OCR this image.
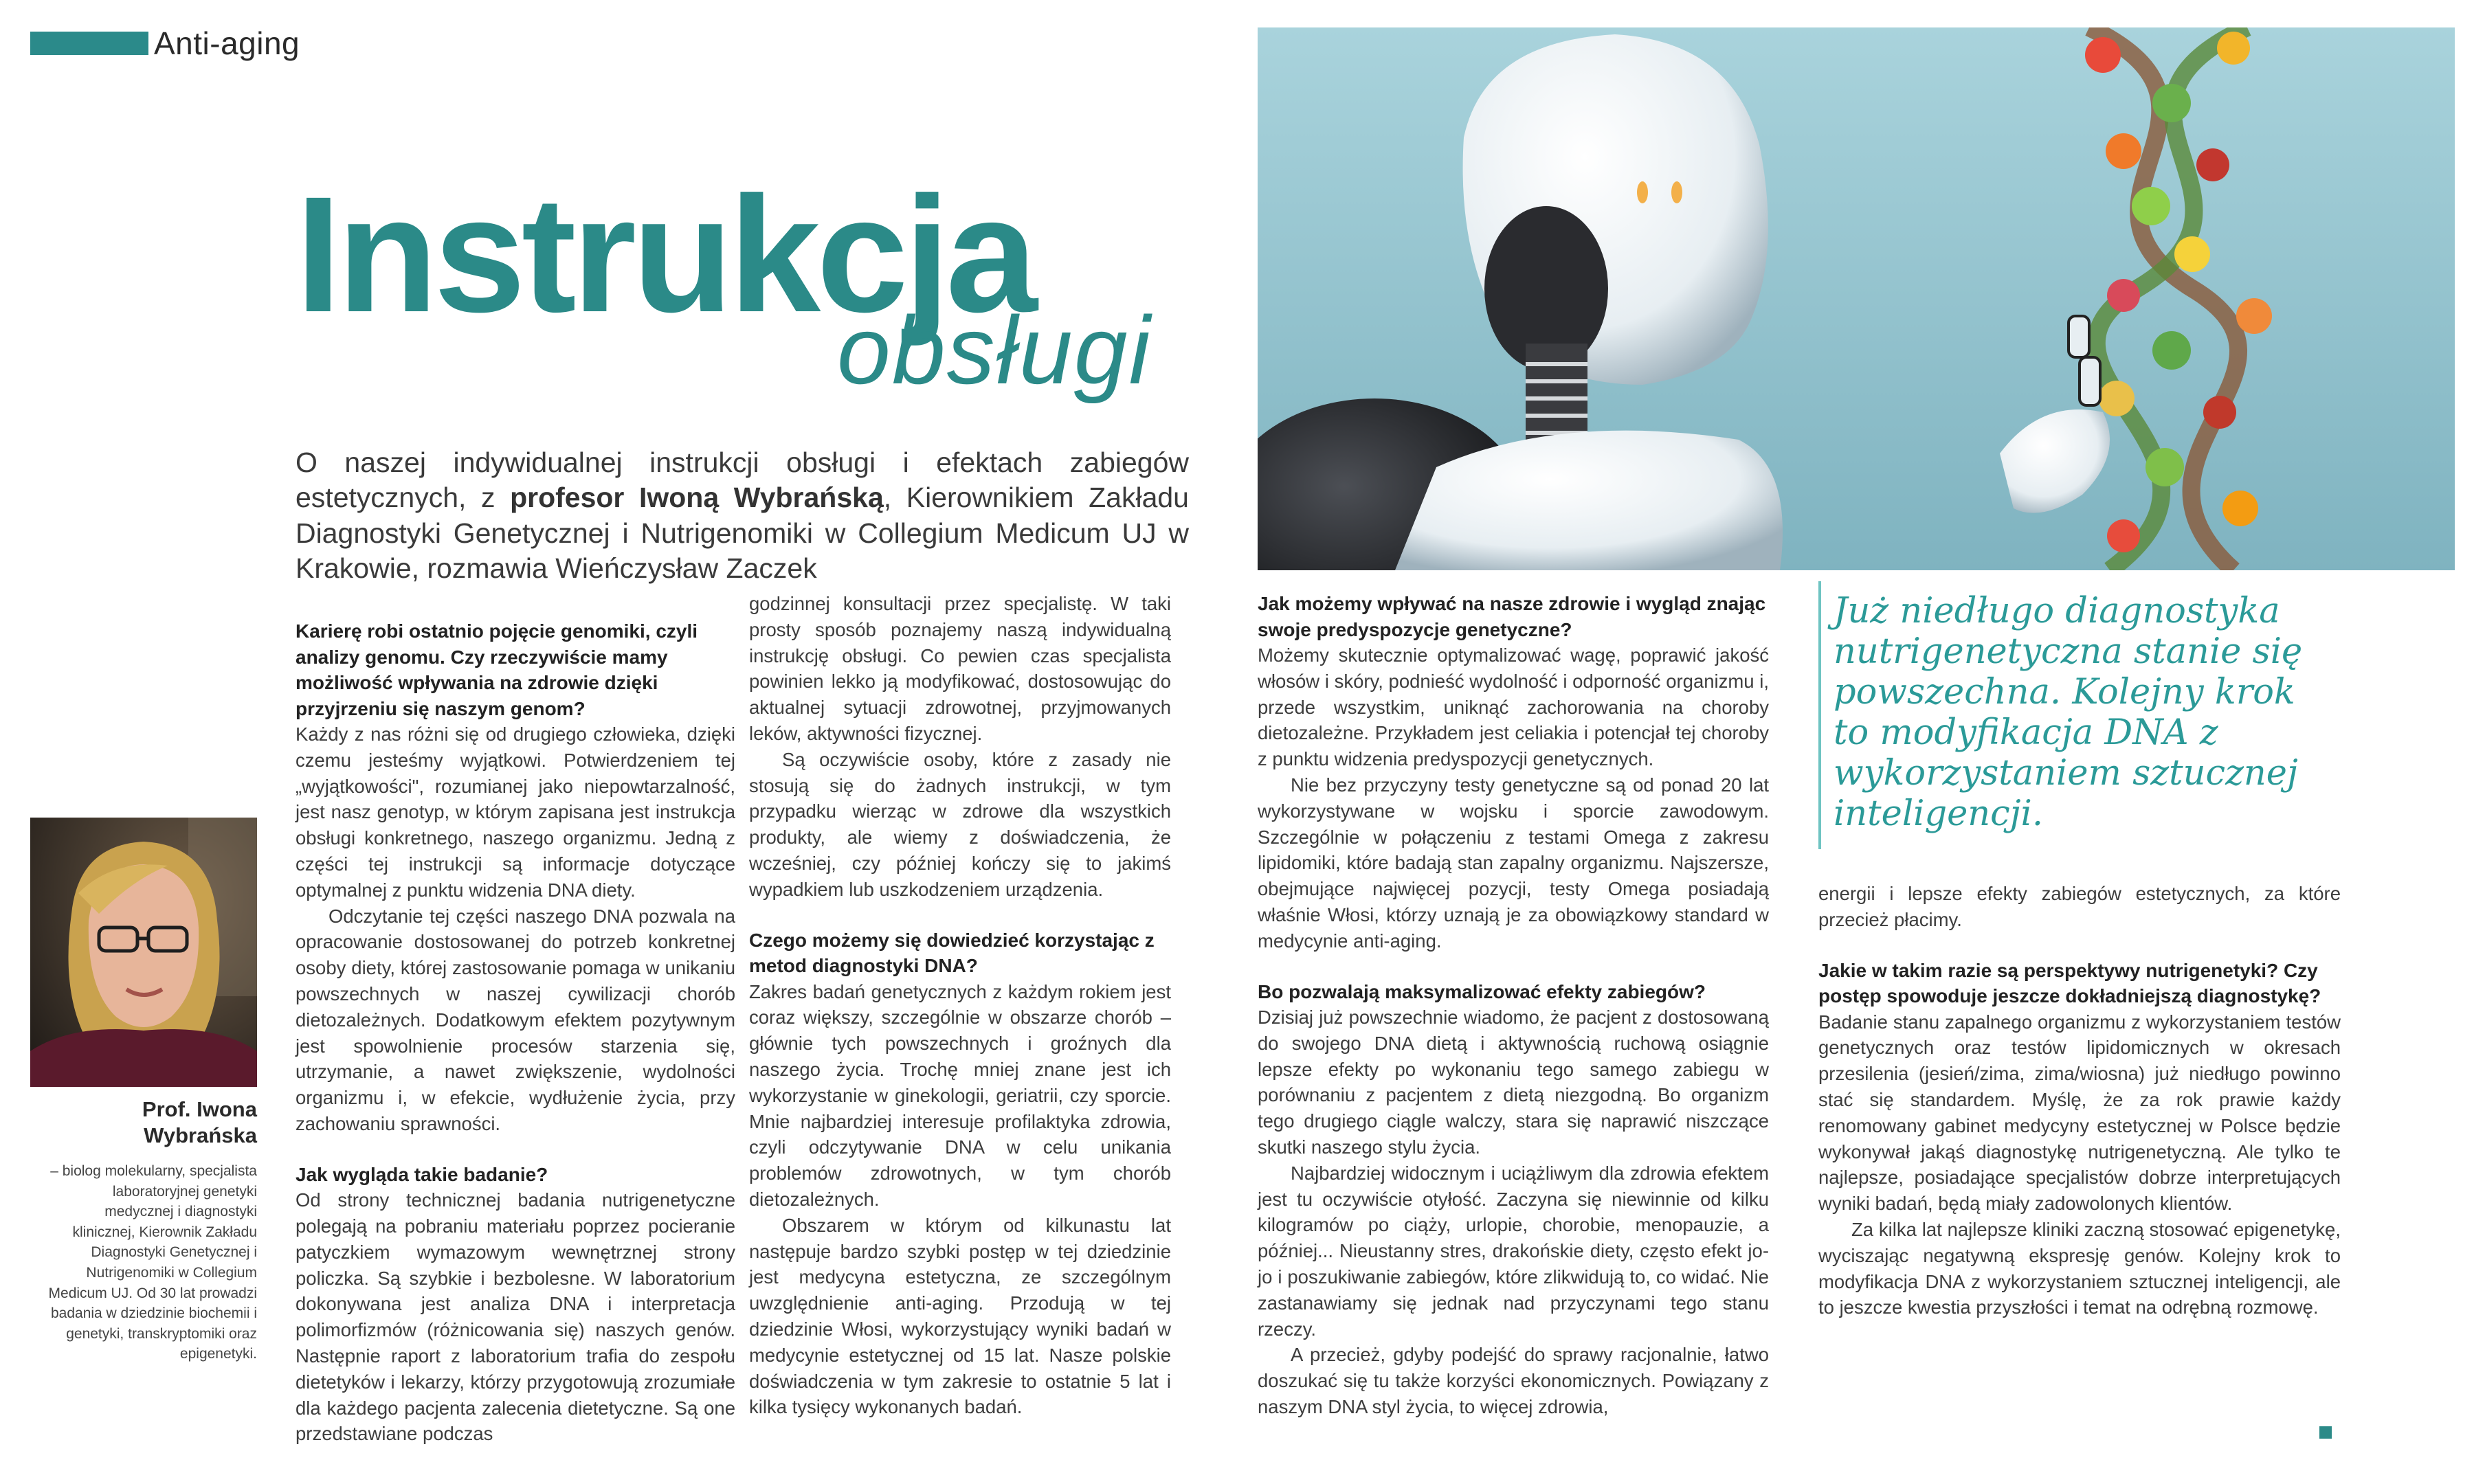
Anti-aging
Instrukcja
obsługi
O naszej indywidualnej instrukcji obsługi i efektach zabiegów estetycznych, z profesor Iwoną Wybrańską, Kierownikiem Zakładu Diagnostyki Genetycznej i Nutrigenomiki w Collegium Medicum UJ w Krakowie, rozmawia Wieńczysław Zaczek
Prof. Iwona Wybrańska
– biolog molekularny, specjalista laboratoryjnej genetyki medycznej i diagnostyki klinicznej, Kierownik Zakładu Diagnostyki Genetycznej i Nutrigenomiki w Collegium Medicum UJ. Od 30 lat prowadzi badania w dziedzinie biochemii i genetyki, transkryptomiki oraz epigenetyki.
Karierę robi ostatnio pojęcie genomiki, czyli analizy genomu. Czy rzeczywiście mamy możliwość wpływania na zdrowie dzięki przyjrzeniu się naszym genom?

Każdy z nas różni się od drugiego człowieka, dzięki czemu jesteśmy wyjątkowi. Potwierdzeniem tej „wyjątkowości", rozumianej jako niepowtarzalność, jest nasz genotyp, w którym zapisana jest instrukcja obsługi konkretnego, naszego organizmu. Jedną z części tej instrukcji są informacje dotyczące optymalnej z punktu widzenia DNA diety.

Odczytanie tej części naszego DNA pozwala na opracowanie dostosowanej do potrzeb konkretnej osoby diety, której zastosowanie pomaga w unikaniu powszechnych w naszej cywilizacji chorób dietozależnych. Dodatkowym efektem pozytywnym jest spowolnienie procesów starzenia się, utrzymanie, a nawet zwiększenie, wydolności organizmu i, w efekcie, wydłużenie życia, przy zachowaniu sprawności.

Jak wygląda takie badanie?

Od strony technicznej badania nutrigenetyczne polegają na pobraniu materiału poprzez pocieranie patyczkiem wymazowym wewnętrznej strony policzka. Są szybkie i bezbolesne. W laboratorium dokonywana jest analiza DNA i interpretacja polimorfizmów (różnicowania się) naszych genów. Następnie raport z laboratorium trafia do zespołu dietetyków i lekarzy, którzy przygotowują zrozumiałe dla każdego pacjenta zalecenia dietetyczne. Są one przedstawiane podczas

godzinnej konsultacji przez specjalistę. W taki prosty sposób poznajemy naszą indywidualną instrukcję obsługi. Co pewien czas specjalista powinien lekko ją modyfikować, dostosowując do aktualnej sytuacji zdrowotnej, przyjmowanych leków, aktywności fizycznej.

Są oczywiście osoby, które z zasady nie stosują się do żadnych instrukcji, w tym przypadku wierząc w zdrowe dla wszystkich produkty, ale wiemy z doświadczenia, że wcześniej, czy później kończy się to jakimś wypadkiem lub uszkodzeniem urządzenia.

Czego możemy się dowiedzieć korzystając z metod diagnostyki DNA?

Zakres badań genetycznych z każdym rokiem jest coraz większy, szczególnie w obszarze chorób – głównie tych powszechnych i groźnych dla naszego życia. Trochę mniej znane jest ich wykorzystanie w ginekologii, geriatrii, czy sporcie. Mnie najbardziej interesuje profilaktyka zdrowia, czyli odczytywanie DNA w celu unikania problemów zdrowotnych, w tym chorób dietozależnych.

Obszarem w którym od kilkunastu lat następuje bardzo szybki postęp w tej dziedzinie jest medycyna estetyczna, ze szczególnym uwzględnienie anti-aging. Przodują w tej dziedzinie Włosi, wykorzystujący wyniki badań w medycynie estetycznej od 15 lat. Nasze polskie doświadczenia w tym zakresie to ostatnie 5 lat i kilka tysięcy wykonanych badań.

Już niedługo diagnostyka nutrigenetyczna stanie się powszechna. Kolejny krok to modyfikacja DNA z wykorzystaniem sztucznej inteligencji.
Jak możemy wpływać na nasze zdrowie i wygląd znając swoje predyspozycje genetyczne?

Możemy skutecznie optymalizować wagę, poprawić jakość włosów i skóry, podnieść wydolność i odporność organizmu i, przede wszystkim, uniknąć zachorowania na choroby dietozależne. Przykładem jest celiakia i potencjał tej choroby z punktu widzenia predyspozycji genetycznych.

Nie bez przyczyny testy genetyczne są od ponad 20 lat wykorzystywane w wojsku i sporcie zawodowym. Szczególnie w połączeniu z testami Omega z zakresu lipidomiki, które badają stan zapalny organizmu. Najszersze, obejmujące najwięcej pozycji, testy Omega posiadają właśnie Włosi, którzy uznają je za obowiązkowy standard w medycynie anti-aging.

Bo pozwalają maksymalizować efekty zabiegów?

Dzisiaj już powszechnie wiadomo, że pacjent z dostosowaną do swojego DNA dietą i aktywnością ruchową osiągnie lepsze efekty po wykonaniu tego samego zabiegu w porównaniu z pacjentem z dietą niezgodną. Bo organizm tego drugiego ciągle walczy, stara się naprawić niszczące skutki naszego stylu życia.

Najbardziej widocznym i uciążliwym dla zdrowia efektem jest tu oczywiście otyłość. Zaczyna się niewinnie od kilku kilogramów po ciąży, urlopie, chorobie, menopauzie, a później... Nieustanny stres, drakońskie diety, często efekt jo-jo i poszukiwanie zabiegów, które zlikwidują to, co widać. Nie zastanawiamy się jednak nad przyczynami tego stanu rzeczy.

A przecież, gdyby podejść do sprawy racjonalnie, łatwo doszukać się tu także korzyści ekonomicznych. Powiązany z naszym DNA styl życia, to więcej zdrowia,

energii i lepsze efekty zabiegów estetycznych, za które przecież płacimy.

Jakie w takim razie są perspektywy nutrigenetyki? Czy postęp spowoduje jeszcze dokładniejszą diagnostykę?

Badanie stanu zapalnego organizmu z wykorzystaniem testów genetycznych oraz testów lipidomicznych w okresach przesilenia (jesień/zima, zima/wiosna) już niedługo powinno stać się standardem. Myślę, że za rok prawie każdy renomowany gabinet medycyny estetycznej w Polsce będzie wykonywał jakąś diagnostykę nutrigenetyczną. Ale tylko te najlepsze, posiadające specjalistów dobrze interpretujących wyniki badań, będą miały zadowolonych klientów.

Za kilka lat najlepsze kliniki zaczną stosować epigenetykę, wyciszając negatywną ekspresję genów. Kolejny krok to modyfikacja DNA z wykorzystaniem sztucznej inteligencji, ale to jeszcze kwestia przyszłości i temat na odrębną rozmowę.
